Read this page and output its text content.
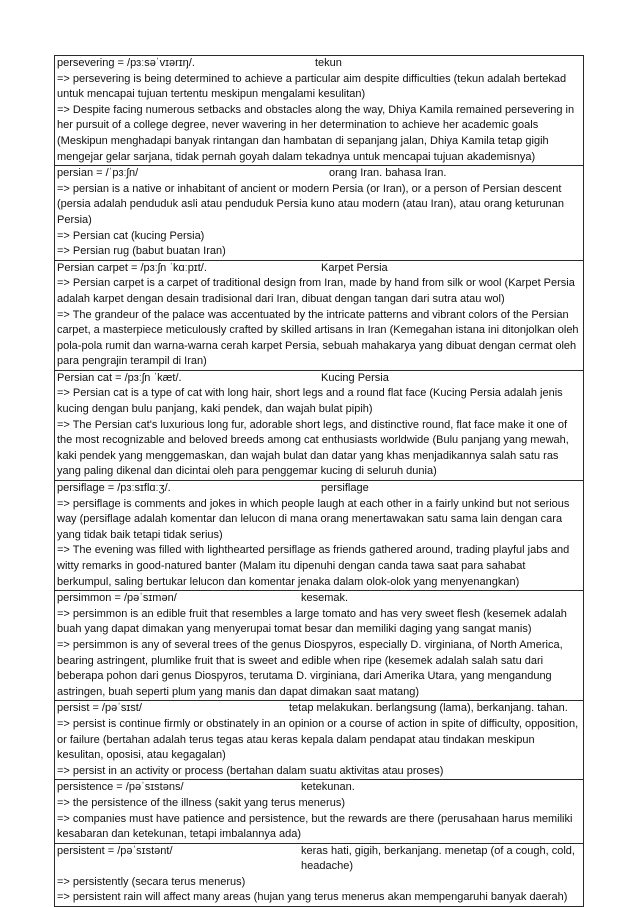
persevering = /pɜːsəˈvɪərɪŋ/.	tekun

=> persevering is being determined to achieve a particular aim despite difficulties (tekun adalah bertekad untuk mencapai tujuan tertentu meskipun mengalami kesulitan)

=> Despite facing numerous setbacks and obstacles along the way, Dhiya Kamila remained persevering in her pursuit of a college degree, never wavering in her determination to achieve her academic goals (Meskipun menghadapi banyak rintangan dan hambatan di sepanjang jalan, Dhiya Kamila tetap gigih mengejar gelar sarjana, tidak pernah goyah dalam tekadnya untuk mencapai tujuan akademisnya)

persian = /ˈpɜːʃn/	orang Iran. bahasa Iran.

=> persian is a native or inhabitant of ancient or modern Persia (or Iran), or a person of Persian descent (persia adalah penduduk asli atau penduduk Persia kuno atau modern (atau Iran), atau orang keturunan Persia)

=> Persian cat (kucing Persia)

=> Persian rug (babut buatan Iran)

Persian carpet = /pɜːʃn ˈkɑːpɪt/.	Karpet Persia

=> Persian carpet is a carpet of traditional design from Iran, made by hand from silk or wool (Karpet Persia adalah karpet dengan desain tradisional dari Iran, dibuat dengan tangan dari sutra atau wol)

=> The grandeur of the palace was accentuated by the intricate patterns and vibrant colors of the Persian carpet, a masterpiece meticulously crafted by skilled artisans in Iran (Kemegahan istana ini ditonjolkan oleh pola-pola rumit dan warna-warna cerah karpet Persia, sebuah mahakarya yang dibuat dengan cermat oleh para pengrajin terampil di Iran)

Persian cat = /pɜːʃn ˈkæt/.	Kucing Persia

=> Persian cat is a type of cat with long hair, short legs and a round flat face (Kucing Persia adalah jenis kucing dengan bulu panjang, kaki pendek, dan wajah bulat pipih)

=> The Persian cat's luxurious long fur, adorable short legs, and distinctive round, flat face make it one of the most recognizable and beloved breeds among cat enthusiasts worldwide (Bulu panjang yang mewah, kaki pendek yang menggemaskan, dan wajah bulat dan datar yang khas menjadikannya salah satu ras yang paling dikenal dan dicintai oleh para penggemar kucing di seluruh dunia)

persiflage = /pɜːsɪflɑːʒ/.	persiflage

=> persiflage is comments and jokes in which people laugh at each other in a fairly unkind but not serious way (persiflage adalah komentar dan lelucon di mana orang menertawakan satu sama lain dengan cara yang tidak baik tetapi tidak serius)

=> The evening was filled with lighthearted persiflage as friends gathered around, trading playful jabs and witty remarks in good-natured banter (Malam itu dipenuhi dengan canda tawa saat para sahabat berkumpul, saling bertukar lelucon dan komentar jenaka dalam olok-olok yang menyenangkan)

persimmon = /pəˈsɪmən/	kesemak.

=> persimmon is an edible fruit that resembles a large tomato and has very sweet flesh (kesemek adalah buah yang dapat dimakan yang menyerupai tomat besar dan memiliki daging yang sangat manis)

=> persimmon is any of several trees of the genus Diospyros, especially D. virginiana, of North America, bearing astringent, plumlike fruit that is sweet and edible when ripe (kesemek adalah salah satu dari beberapa pohon dari genus Diospyros, terutama D. virginiana, dari Amerika Utara, yang mengandung astringen, buah seperti plum yang manis dan dapat dimakan saat matang)

persist = /pəˈsɪst/	tetap melakukan. berlangsung (lama), berkanjang. tahan.

=> persist is continue firmly or obstinately in an opinion or a course of action in spite of difficulty, opposition, or failure (bertahan adalah terus tegas atau keras kepala dalam pendapat atau tindakan meskipun kesulitan, oposisi, atau kegagalan)

=> persist in an activity or process (bertahan dalam suatu aktivitas atau proses)

persistence = /pəˈsɪstəns/	ketekunan.

=> the persistence of the illness (sakit yang terus menerus)

=> companies must have patience and persistence, but the rewards are there (perusahaan harus memiliki kesabaran dan ketekunan, tetapi imbalannya ada)

persistent = /pəˈsɪstənt/	keras hati, gigih, berkanjang. menetap (of a cough, cold, headache)

=> persistently (secara terus menerus)

=> persistent rain will affect many areas (hujan yang terus menerus akan mempengaruhi banyak daerah)
